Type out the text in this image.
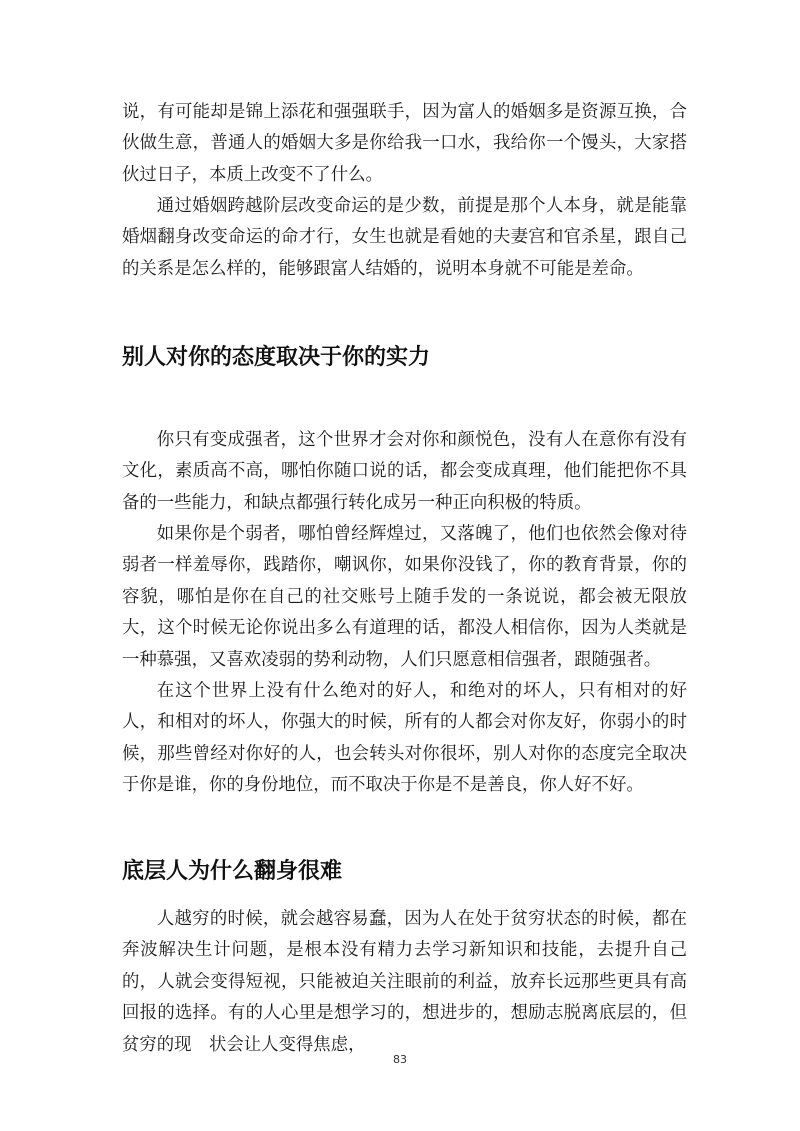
说，有可能却是锦上添花和强强联手，因为富人的婚姻多是资源互换，合伙做生意，普通人的婚姻大多是你给我一口水，我给你一个馒头，大家搭伙过日子，本质上改变不了什么。

通过婚姻跨越阶层改变命运的是少数，前提是那个人本身，就是能靠婚烟翻身改变命运的命才行，女生也就是看她的夫妻宫和官杀星，跟自己的关系是怎么样的，能够跟富人结婚的，说明本身就不可能是差命。

别人对你的态度取决于你的实力

你只有变成强者，这个世界才会对你和颜悦色，没有人在意你有没有文化，素质高不高，哪怕你随口说的话，都会变成真理，他们能把你不具备的一些能力，和缺点都强行转化成另一种正向积极的特质。

如果你是个弱者，哪怕曾经辉煌过，又落魄了，他们也依然会像对待弱者一样羞辱你，践踏你，嘲讽你，如果你没钱了，你的教育背景，你的容貌，哪怕是你在自己的社交账号上随手发的一条说说，都会被无限放大，这个时候无论你说出多么有道理的话，都没人相信你，因为人类就是一种慕强，又喜欢凌弱的势利动物，人们只愿意相信强者，跟随强者。

在这个世界上没有什么绝对的好人，和绝对的坏人，只有相对的好人，和相对的坏人，你强大的时候，所有的人都会对你友好，你弱小的时候，那些曾经对你好的人，也会转头对你很坏，别人对你的态度完全取决于你是谁，你的身份地位，而不取决于你是不是善良，你人好不好。

底层人为什么翻身很难

人越穷的时候，就会越容易蠢，因为人在处于贫穷状态的时候，都在奔波解决生计问题，是根本没有精力去学习新知识和技能，去提升自己的，人就会变得短视，只能被迫关注眼前的利益，放弃长远那些更具有高回报的选择。有的人心里是想学习的，想进步的，想励志脱离底层的，但贫穷的现　状会让人变得焦虑，

83
